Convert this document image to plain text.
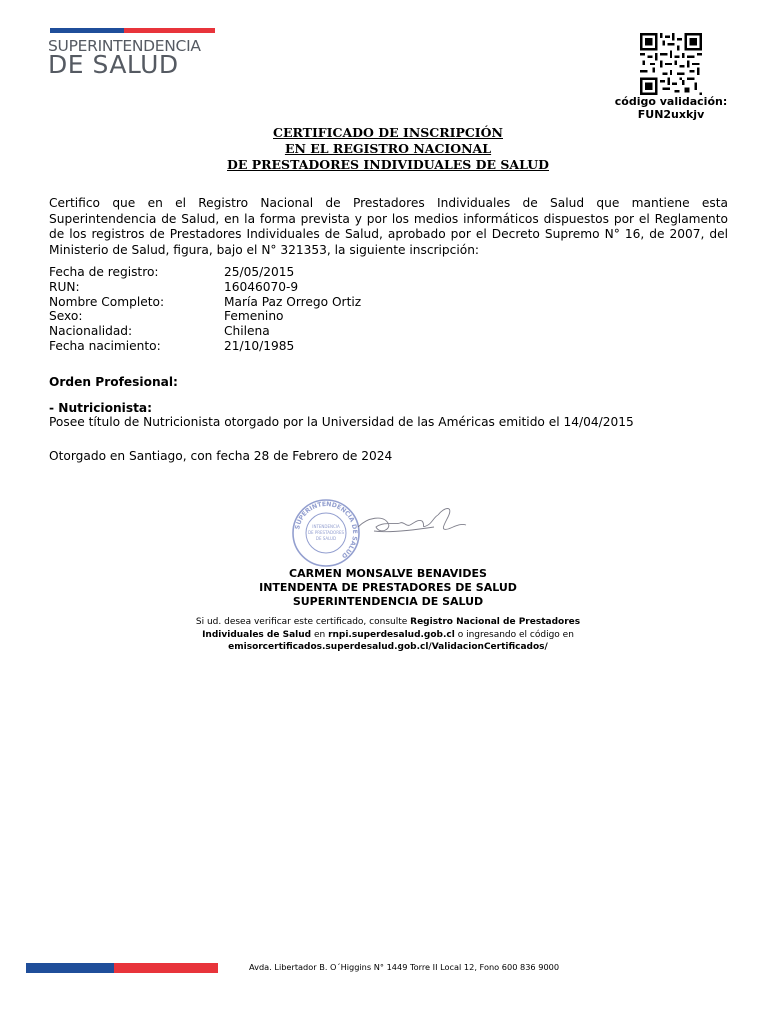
SUPERINTENDENCIA
DE SALUD
código validación:
FUN2uxkjv
CERTIFICADO DE INSCRIPCIÓN
EN EL REGISTRO NACIONAL
DE PRESTADORES INDIVIDUALES DE SALUD
Certifico que en el Registro Nacional de Prestadores Individuales de Salud que mantiene esta Superintendencia de Salud, en la forma prevista y por los medios informáticos dispuestos por el Reglamento de los registros de Prestadores Individuales de Salud, aprobado por el Decreto Supremo N° 16, de 2007, del Ministerio de Salud, figura, bajo el N° 321353, la siguiente inscripción:
Fecha de registro:	25/05/2015
RUN:	16046070-9
Nombre Completo:	María Paz Orrego Ortiz
Sexo:	Femenino
Nacionalidad:	Chilena
Fecha nacimiento:	21/10/1985
Orden Profesional:
- Nutricionista:
Posee título de Nutricionista otorgado por la Universidad de las Américas emitido el 14/04/2015
Otorgado en Santiago, con fecha 28 de Febrero de 2024
SUPERINTENDENCIA DE SALUD
INTENDENCIA
DE PRESTADORES
DE SALUD
CARMEN MONSALVE BENAVIDES
INTENDENTA DE PRESTADORES DE SALUD
SUPERINTENDENCIA DE SALUD
Si ud. desea verificar este certificado, consulte Registro Nacional de Prestadores
Individuales de Salud en rnpi.superdesalud.gob.cl o ingresando el código en
emisorcertificados.superdesalud.gob.cl/ValidacionCertificados/
Avda. Libertador B. O´Higgins N° 1449 Torre II Local 12, Fono 600 836 9000
